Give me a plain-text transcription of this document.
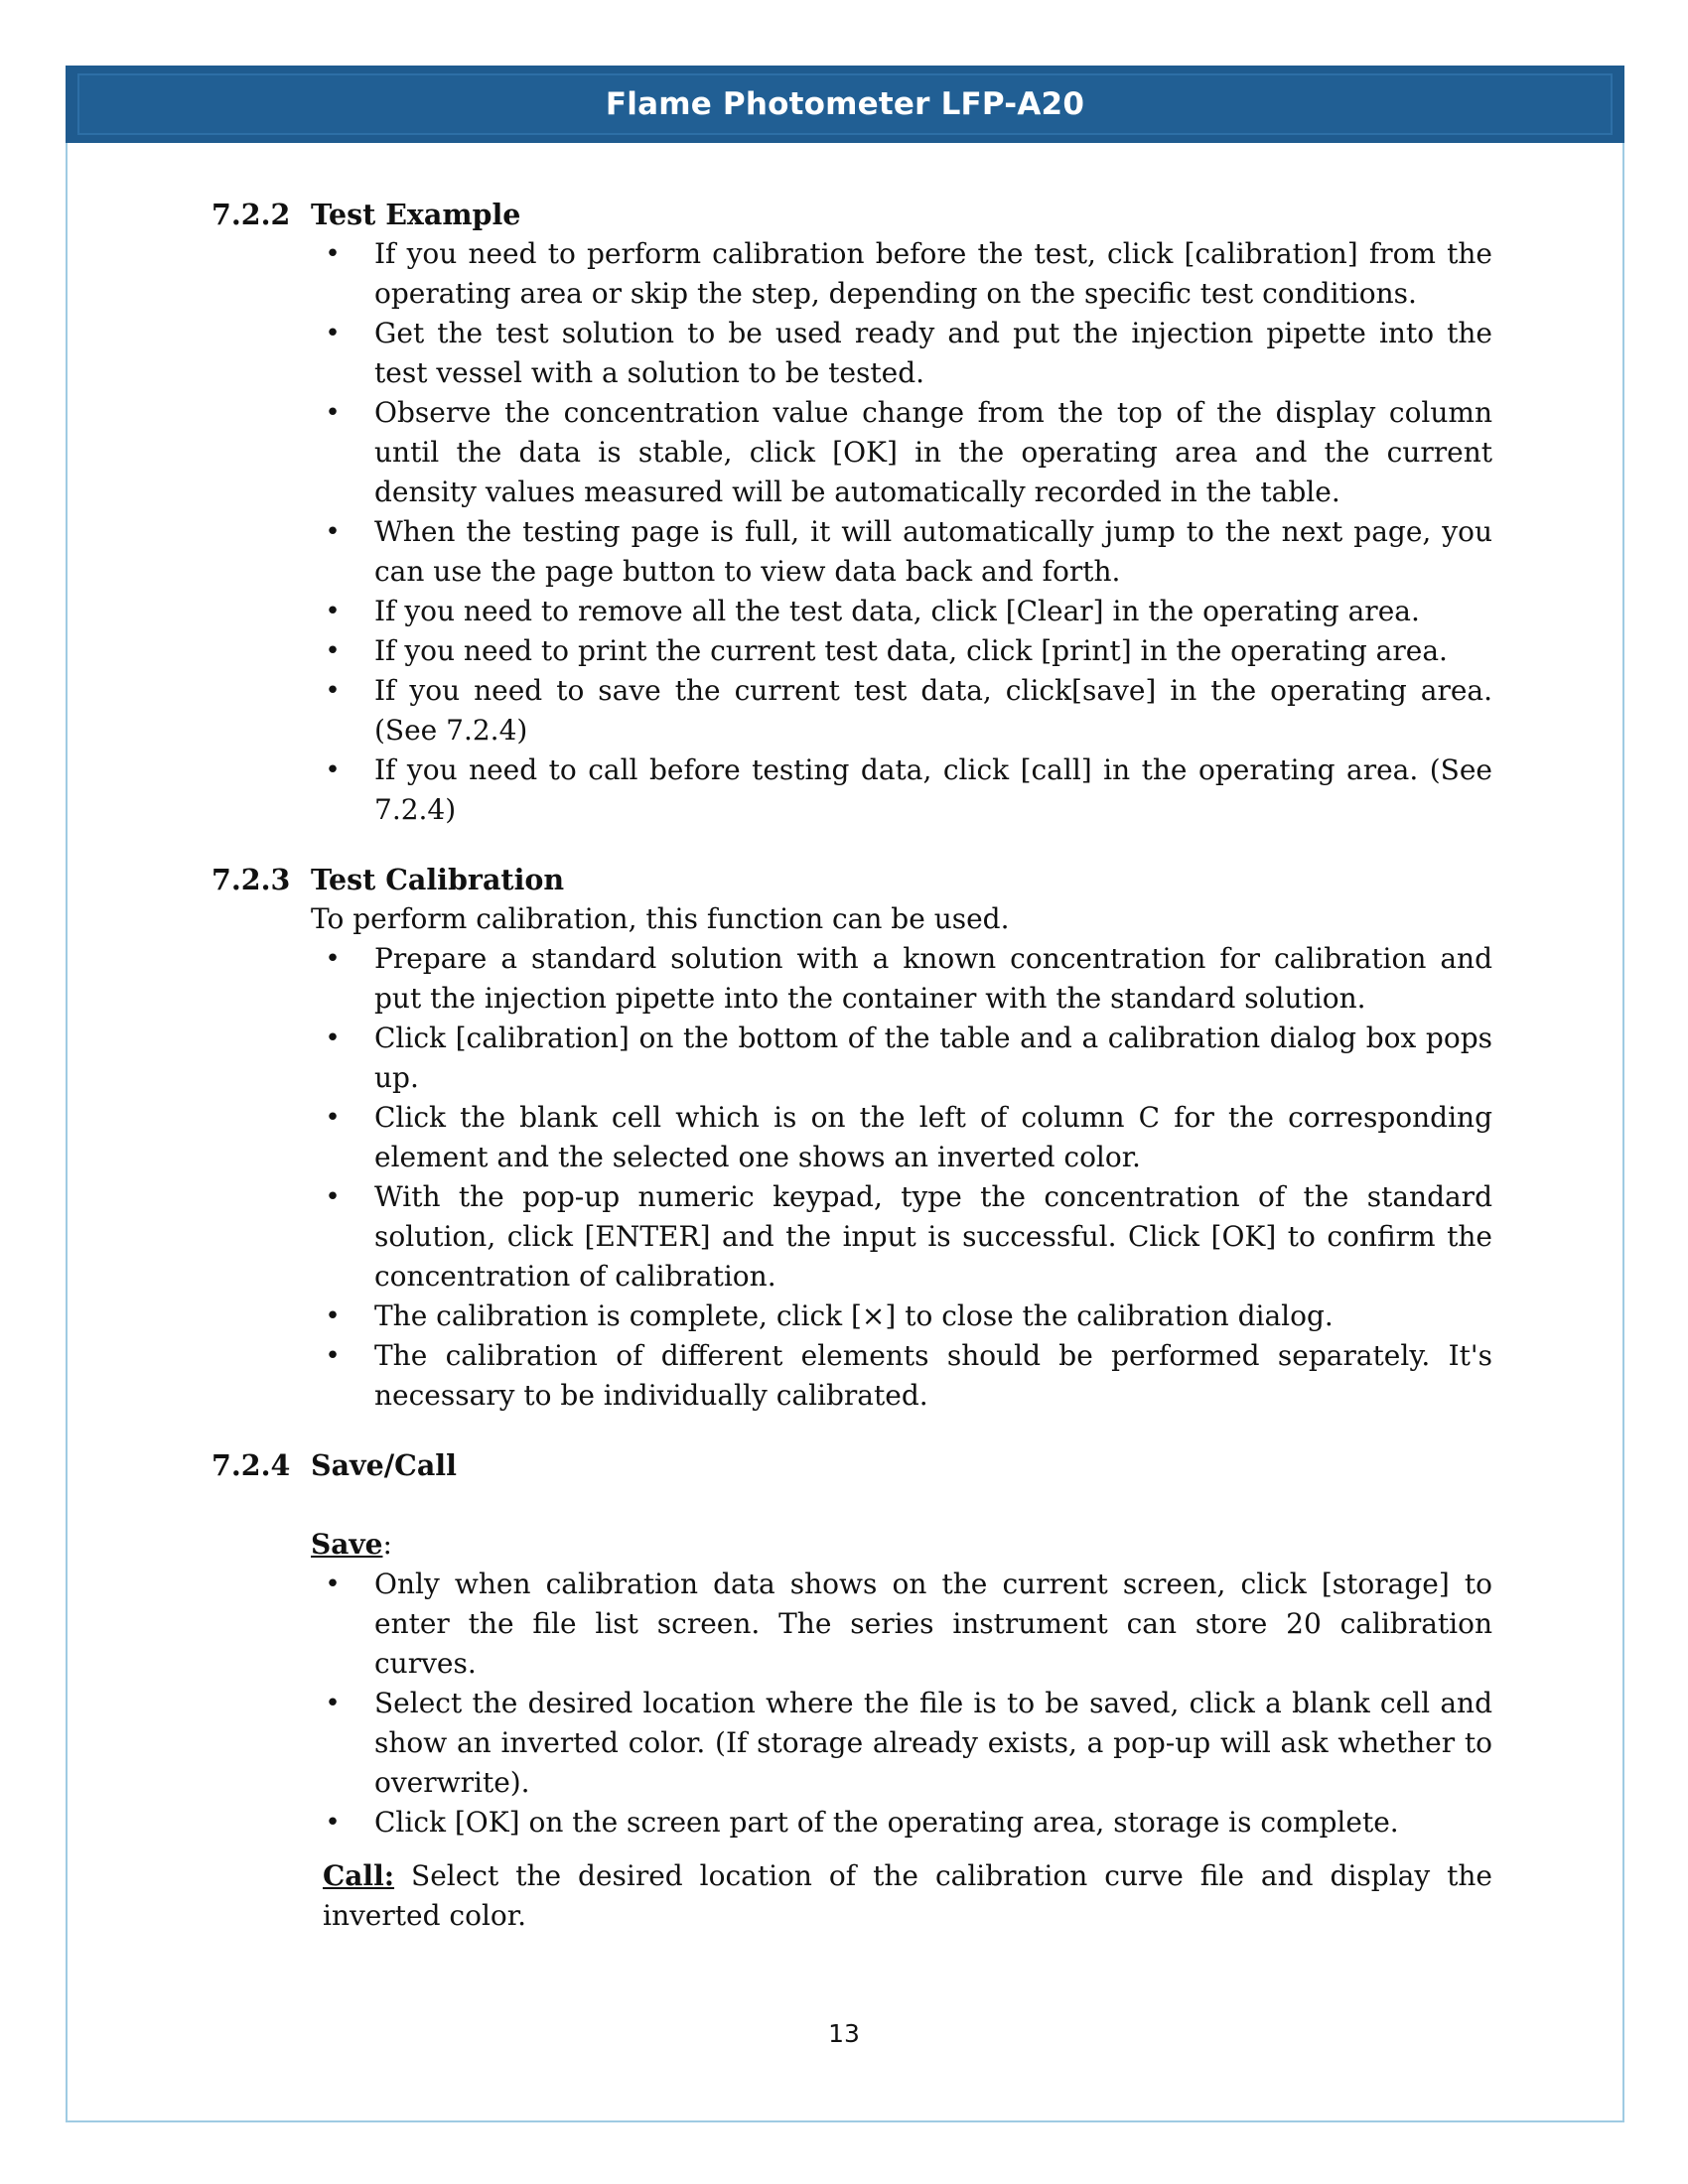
Flame Photometer LFP-A20
7.2.2 Test Example
• If you need to perform calibration before the test, click [calibration] from the operating area or skip the step, depending on the specific test conditions.
• Get the test solution to be used ready and put the injection pipette into the test vessel with a solution to be tested.
• Observe the concentration value change from the top of the display column until the data is stable, click [OK] in the operating area and the current density values measured will be automatically recorded in the table.
• When the testing page is full, it will automatically jump to the next page, you can use the page button to view data back and forth.
• If you need to remove all the test data, click [Clear] in the operating area.
• If you need to print the current test data, click [print] in the operating area.
• If you need to save the current test data, click[save] in the operating area. (See 7.2.4)
• If you need to call before testing data, click [call] in the operating area. (See 7.2.4)
7.2.3 Test Calibration
To perform calibration, this function can be used.
• Prepare a standard solution with a known concentration for calibration and put the injection pipette into the container with the standard solution.
• Click [calibration] on the bottom of the table and a calibration dialog box pops up.
• Click the blank cell which is on the left of column C for the corresponding element and the selected one shows an inverted color.
• With the pop-up numeric keypad, type the concentration of the standard solution, click [ENTER] and the input is successful. Click [OK] to confirm the concentration of calibration.
• The calibration is complete, click [×] to close the calibration dialog.
• The calibration of different elements should be performed separately. It's necessary to be individually calibrated.
7.2.4 Save/Call
Save:
• Only when calibration data shows on the current screen, click [storage] to enter the file list screen. The series instrument can store 20 calibration curves.
• Select the desired location where the file is to be saved, click a blank cell and show an inverted color. (If storage already exists, a pop-up will ask whether to overwrite).
• Click [OK] on the screen part of the operating area, storage is complete.
Call: Select the desired location of the calibration curve file and display the inverted color.
13
